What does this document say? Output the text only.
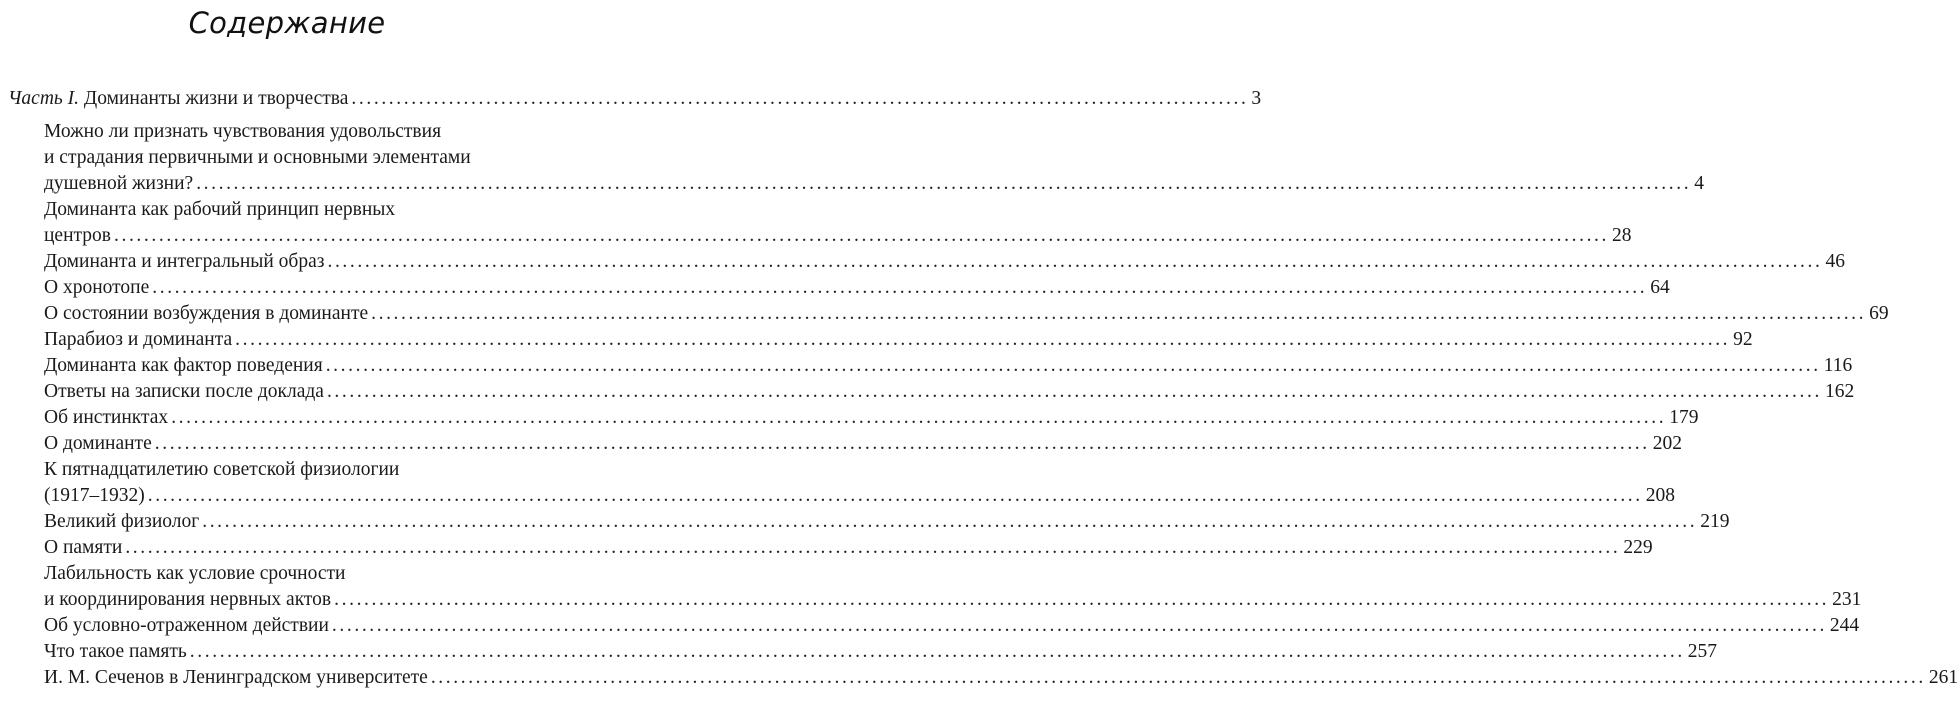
Содержание
Часть I.
Доминанты жизни и творчества ........................................................................................................................ 3
Можно ли признать чувствования удовольствия
и страдания первичными и основными элементами
душевной жизни? ........................................................................................................................................................................................................ 4
Доминанта как рабочий принцип нервных
центров ........................................................................................................................................................................................................ 28
Доминанта и интегральный образ ........................................................................................................................................................................................................ 46
О хронотопе ........................................................................................................................................................................................................ 64
О состоянии возбуждения в доминанте ........................................................................................................................................................................................................ 69
Парабиоз и доминанта ........................................................................................................................................................................................................ 92
Доминанта как фактор поведения ........................................................................................................................................................................................................ 116
Ответы на записки после доклада ........................................................................................................................................................................................................ 162
Об инстинктах ........................................................................................................................................................................................................ 179
О доминанте ........................................................................................................................................................................................................ 202
К пятнадцатилетию советской физиологии
(1917–1932) ........................................................................................................................................................................................................ 208
Великий физиолог ........................................................................................................................................................................................................ 219
О памяти ........................................................................................................................................................................................................ 229
Лабильность как условие срочности
и координирования нервных актов ........................................................................................................................................................................................................ 231
Об условно-отраженном действии ........................................................................................................................................................................................................ 244
Что такое память ........................................................................................................................................................................................................ 257
И. М. Сеченов в Ленинградском университете ........................................................................................................................................................................................................ 261
